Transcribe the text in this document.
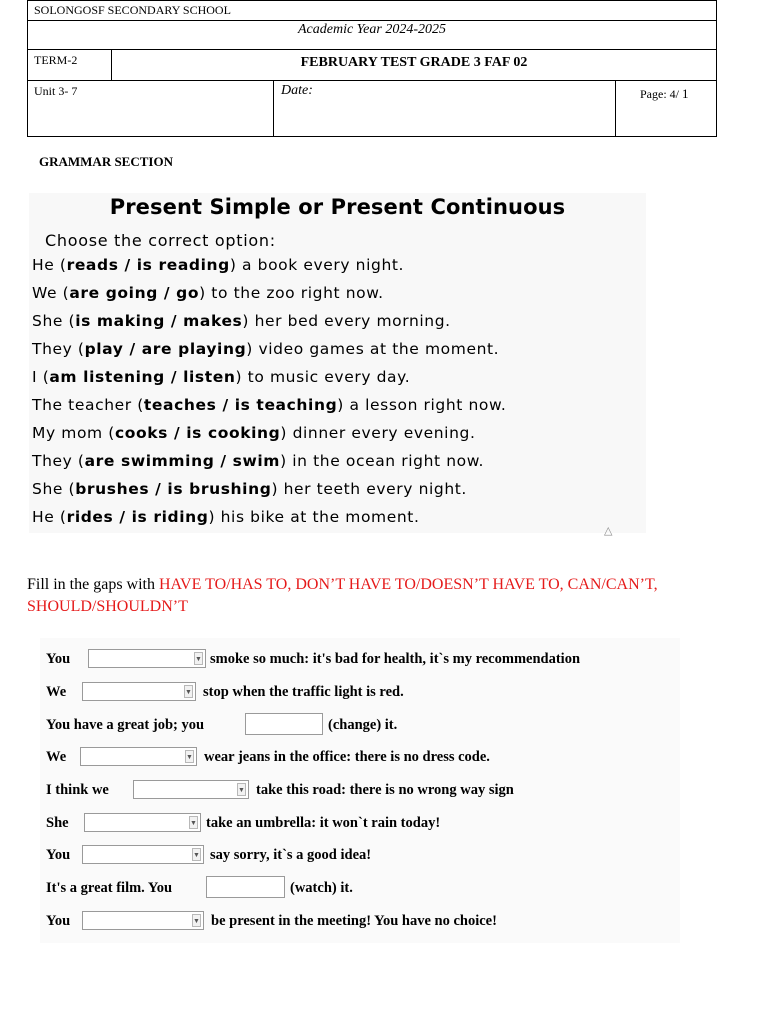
SOLONGOSF SECONDARY SCHOOL
Academic Year 2024-2025
TERM-2	FEBRUARY TEST GRADE 3 FAF 02
Unit 3- 7	Date:	Page: 4/ 1
GRAMMAR SECTION
Present Simple or Present Continuous
Choose the correct option:
He (reads / is reading) a book every night.
We (are going / go) to the zoo right now.
She (is making / makes) her bed every morning.
They (play / are playing) video games at the moment.
I (am listening / listen) to music every day.
The teacher (teaches / is teaching) a lesson right now.
My mom (cooks / is cooking) dinner every evening.
They (are swimming / swim) in the ocean right now.
She (brushes / is brushing) her teeth every night.
He (rides / is riding) his bike at the moment.
△
Fill in the gaps with HAVE TO/HAS TO, DON’T HAVE TO/DOESN’T HAVE TO, CAN/CAN’T, SHOULD/SHOULDN’T
You	▼ smoke so much: it's bad for health, it`s my recommendation
We	▼ stop when the traffic light is red.
You have a great job; you	(change) it.
We	▼ wear jeans in the office: there is no dress code.
I think we	▼ take this road: there is no wrong way sign
She	▼ take an umbrella: it won`t rain today!
You	▼ say sorry, it`s a good idea!
It's a great film. You	(watch) it.
You	▼ be present in the meeting! You have no choice!
